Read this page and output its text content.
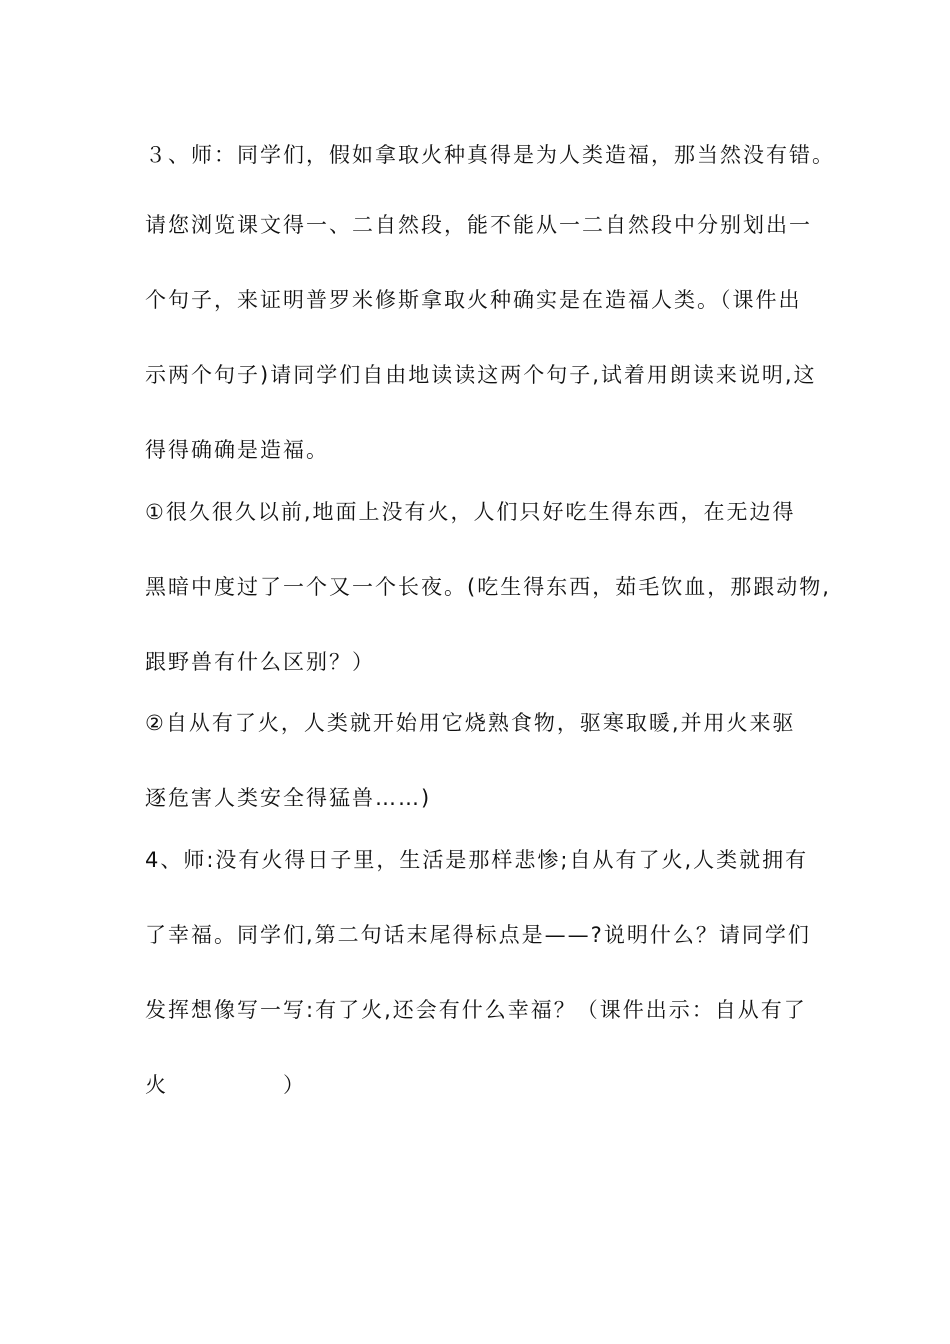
３、师：同学们，假如拿取火种真得是为人类造福，那当然没有错。
请您浏览课文得一、二自然段，能不能从一二自然段中分别划出一
个句子，来证明普罗米修斯拿取火种确实是在造福人类。（课件出
示两个句子)请同学们自由地读读这两个句子,试着用朗读来说明,这
得得确确是造福。
①很久很久以前,地面上没有火，人们只好吃生得东西，在无边得
黑暗中度过了一个又一个长夜。(吃生得东西，茹毛饮血，那跟动物,
跟野兽有什么区别？）
②自从有了火，人类就开始用它烧熟食物，驱寒取暖,并用火来驱
逐危害人类安全得猛兽……)
4、师:没有火得日子里，生活是那样悲惨;自从有了火,人类就拥有
了幸福。同学们,第二句话末尾得标点是——?说明什么？请同学们
发挥想像写一写:有了火,还会有什么幸福？（课件出示：自从有了
火　　　　　）
